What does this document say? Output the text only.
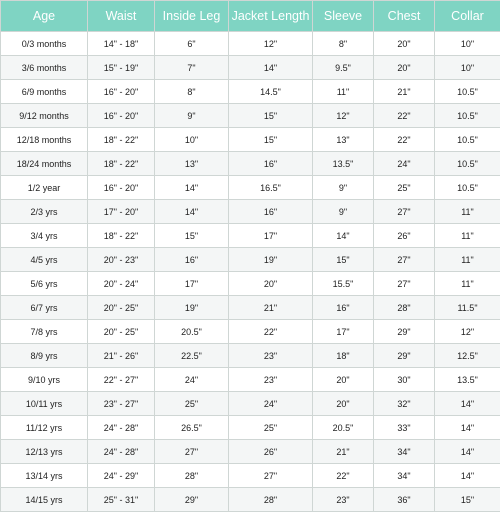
Age	Waist	Inside Leg	Jacket Length	Sleeve	Chest	Collar
0/3 months	14" - 18"	6"	12"	8"	20"	10"
3/6 months	15" - 19"	7"	14"	9.5"	20"	10"
6/9 months	16" - 20"	8"	14.5"	11"	21"	10.5"
9/12 months	16" - 20"	9"	15"	12"	22"	10.5"
12/18 months	18" - 22"	10"	15"	13"	22"	10.5"
18/24 months	18" - 22"	13"	16"	13.5"	24"	10.5"
1/2 year	16" - 20"	14"	16.5"	9"	25"	10.5"
2/3 yrs	17" - 20"	14"	16"	9"	27"	11"
3/4 yrs	18" - 22"	15"	17"	14"	26"	11"
4/5 yrs	20" - 23"	16"	19"	15"	27"	11"
5/6 yrs	20" - 24"	17"	20"	15.5"	27"	11"
6/7 yrs	20" - 25"	19"	21"	16"	28"	11.5"
7/8 yrs	20" - 25"	20.5"	22"	17"	29"	12"
8/9 yrs	21" - 26"	22.5"	23"	18"	29"	12.5"
9/10 yrs	22" - 27"	24"	23"	20"	30"	13.5"
10/11 yrs	23" - 27"	25"	24"	20"	32"	14"
11/12 yrs	24" - 28"	26.5"	25"	20.5"	33"	14"
12/13 yrs	24" - 28"	27"	26"	21"	34"	14"
13/14 yrs	24" - 29"	28"	27"	22"	34"	14"
14/15 yrs	25" - 31"	29"	28"	23"	36"	15"
